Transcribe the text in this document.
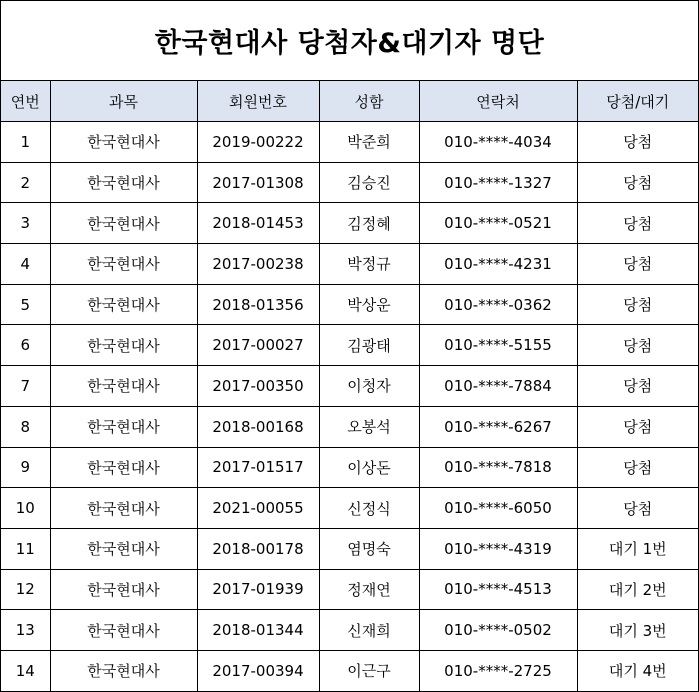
한국현대사 당첨자&대기자 명단
연번	과목	회원번호	성함	연락처	당첨/대기
1	한국현대사	2019-00222	박준희	010-****-4034	당첨
2	한국현대사	2017-01308	김승진	010-****-1327	당첨
3	한국현대사	2018-01453	김정혜	010-****-0521	당첨
4	한국현대사	2017-00238	박정규	010-****-4231	당첨
5	한국현대사	2018-01356	박상운	010-****-0362	당첨
6	한국현대사	2017-00027	김광태	010-****-5155	당첨
7	한국현대사	2017-00350	이청자	010-****-7884	당첨
8	한국현대사	2018-00168	오봉석	010-****-6267	당첨
9	한국현대사	2017-01517	이상돈	010-****-7818	당첨
10	한국현대사	2021-00055	신정식	010-****-6050	당첨
11	한국현대사	2018-00178	염명숙	010-****-4319	대기 1번
12	한국현대사	2017-01939	정재연	010-****-4513	대기 2번
13	한국현대사	2018-01344	신재희	010-****-0502	대기 3번
14	한국현대사	2017-00394	이근구	010-****-2725	대기 4번
